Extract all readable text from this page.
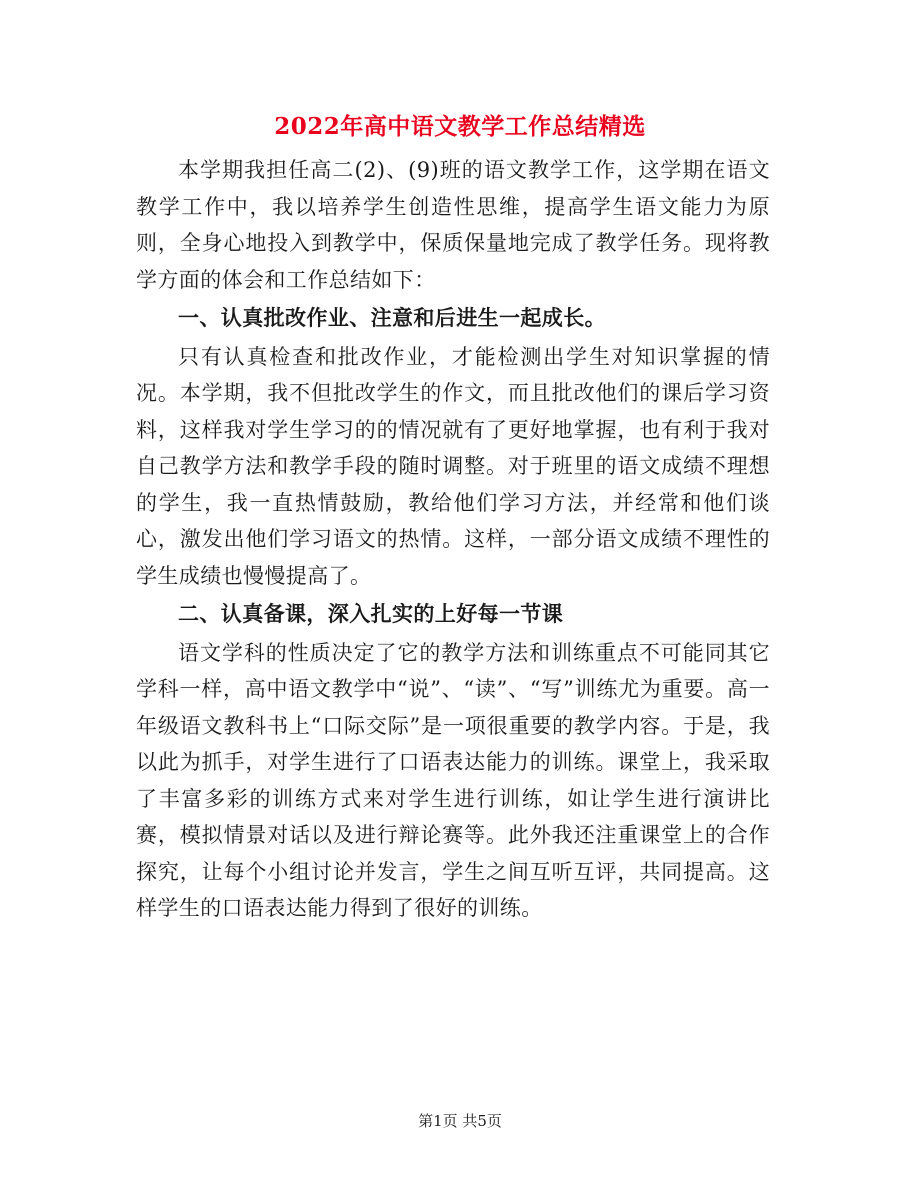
2022年高中语文教学工作总结精选

本学期我担任高二(2)、(9)班的语文教学工作，这学期在语文教学工作中，我以培养学生创造性思维，提高学生语文能力为原则，全身心地投入到教学中，保质保量地完成了教学任务。现将教学方面的体会和工作总结如下：

一、认真批改作业、注意和后进生一起成长。

只有认真检查和批改作业，才能检测出学生对知识掌握的情况。本学期，我不但批改学生的作文，而且批改他们的课后学习资料，这样我对学生学习的的情况就有了更好地掌握，也有利于我对自己教学方法和教学手段的随时调整。对于班里的语文成绩不理想的学生，我一直热情鼓励，教给他们学习方法，并经常和他们谈心，激发出他们学习语文的热情。这样，一部分语文成绩不理性的学生成绩也慢慢提高了。

二、认真备课，深入扎实的上好每一节课

语文学科的性质决定了它的教学方法和训练重点不可能同其它学科一样，高中语文教学中“说”、“读”、“写”训练尤为重要。高一年级语文教科书上“口际交际”是一项很重要的教学内容。于是，我以此为抓手，对学生进行了口语表达能力的训练。课堂上，我采取了丰富多彩的训练方式来对学生进行训练，如让学生进行演讲比赛，模拟情景对话以及进行辩论赛等。此外我还注重课堂上的合作探究，让每个小组讨论并发言，学生之间互听互评，共同提高。这样学生的口语表达能力得到了很好的训练。

第1页 共5页
